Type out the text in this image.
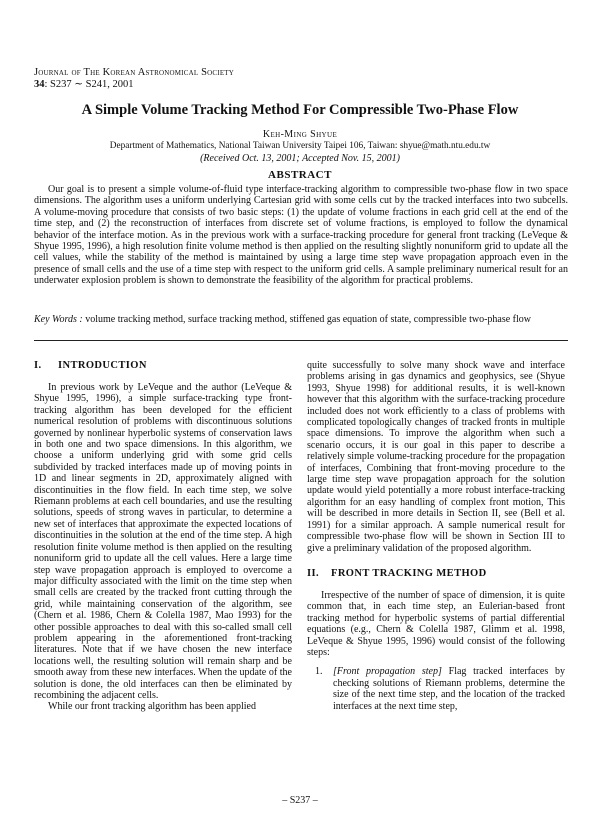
Journal of The Korean Astronomical Society
34: S237 ∼ S241, 2001
A Simple Volume Tracking Method For Compressible Two-Phase Flow
Keh-Ming Shyue
Department of Mathematics, National Taiwan University Taipei 106, Taiwan: shyue@math.ntu.edu.tw
(Received Oct. 13, 2001; Accepted Nov. 15, 2001)
ABSTRACT

Our goal is to present a simple volume-of-fluid type interface-tracking algorithm to compressible two-phase flow in two space dimensions. The algorithm uses a uniform underlying Cartesian grid with some cells cut by the tracked interfaces into two subcells. A volume-moving procedure that consists of two basic steps: (1) the update of volume fractions in each grid cell at the end of the time step, and (2) the reconstruction of interfaces from discrete set of volume fractions, is employed to follow the dynamical behavior of the interface motion. As in the previous work with a surface-tracking procedure for general front tracking (LeVeque & Shyue 1995, 1996), a high resolution finite volume method is then applied on the resulting slightly nonuniform grid to update all the cell values, while the stability of the method is maintained by using a large time step wave propagation approach even in the presence of small cells and the use of a time step with respect to the uniform grid cells. A sample preliminary numerical result for an underwater explosion problem is shown to demonstrate the feasibility of the algorithm for practical problems.

Key Words : volume tracking method, surface tracking method, stiffened gas equation of state, compressible two-phase flow

I. INTRODUCTION

In previous work by LeVeque and the author (LeVeque & Shyue 1995, 1996), a simple surface-tracking type front-tracking algorithm has been developed for the efficient numerical resolution of problems with discontinuous solutions governed by nonlinear hyperbolic systems of conservation laws in both one and two space dimensions. In this algorithm, we choose a uniform underlying grid with some grid cells subdivided by tracked interfaces made up of moving points in 1D and linear segments in 2D, approximately aligned with discontinuities in the flow field. In each time step, we solve Riemann problems at each cell boundaries, and use the resulting solutions, speeds of strong waves in particular, to determine a new set of interfaces that approximate the expected locations of discontinuities in the solution at the end of the time step. A high resolution finite volume method is then applied on the resulting nonuniform grid to update all the cell values. Here a large time step wave propagation approach is employed to overcome a major difficulty associated with the limit on the time step when small cells are created by the tracked front cutting through the grid, while maintaining conservation of the algorithm, see (Chern et al. 1986, Chern & Colella 1987, Mao 1993) for the other possible approaches to deal with this so-called small cell problem appearing in the aforementioned front-tracking literatures. Note that if we have chosen the new interface locations well, the resulting solution will remain sharp and be smooth away from these new interfaces. When the update of the solution is done, the old interfaces can then be eliminated by recombining the adjacent cells.

While our front tracking algorithm has been applied

quite successfully to solve many shock wave and interface problems arising in gas dynamics and geophysics, see (Shyue 1993, Shyue 1998) for additional results, it is well-known however that this algorithm with the surface-tracking procedure included does not work efficiently to a class of problems with complicated topologically changes of tracked fronts in multiple space dimensions. To improve the algorithm when such a scenario occurs, it is our goal in this paper to describe a relatively simple volume-tracking procedure for the propagation of interfaces, Combining that front-moving procedure to the large time step wave propagation approach for the solution update would yield potentially a more robust interface-tracking algorithm for an easy handling of complex front motion, This will be described in more details in Section II, see (Bell et al. 1991) for a similar approach. A sample numerical result for compressible two-phase flow will be shown in Section III to give a preliminary validation of the proposed algorithm.

II. FRONT TRACKING METHOD

Irrespective of the number of space of dimension, it is quite common that, in each time step, an Eulerian-based front tracking method for hyperbolic systems of partial differential equations (e.g., Chern & Colella 1987, Glimm et al. 1998, LeVeque & Shyue 1995, 1996) would consist of the following steps:

1. [Front propagation step] Flag tracked interfaces by checking solutions of Riemann problems, determine the size of the next time step, and the location of the tracked interfaces at the next time step,
– S237 –
